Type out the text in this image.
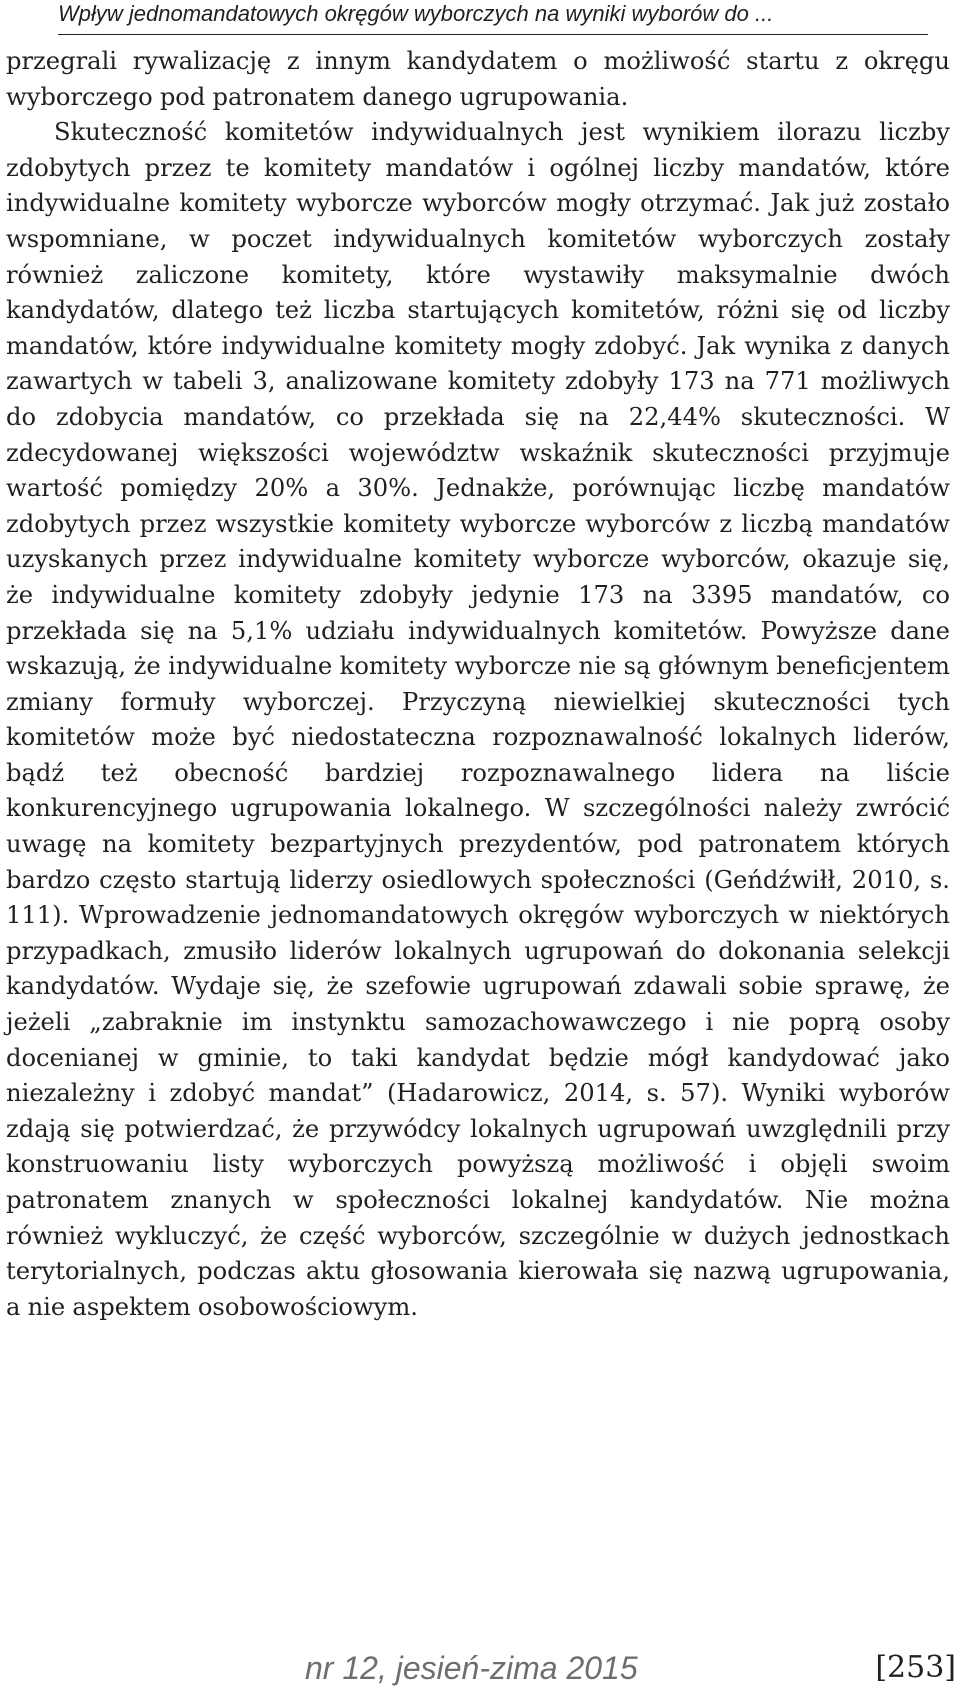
Wpływ jednomandatowych okręgów wyborczych na wyniki wyborów do ...

przegrali rywalizację z innym kandydatem o możliwość startu z okręgu wyborczego pod patronatem danego ugrupowania.

Skuteczność komitetów indywidualnych jest wynikiem ilorazu liczby zdobytych przez te komitety mandatów i ogólnej liczby mandatów, które indywidualne komitety wyborcze wyborców mogły otrzymać. Jak już zostało wspomniane, w poczet indywidualnych komitetów wyborczych zostały również zaliczone komitety, które wystawiły maksymalnie dwóch kandydatów, dlatego też liczba startujących komitetów, różni się od liczby mandatów, które indywidualne komitety mogły zdobyć. Jak wynika z danych zawartych w tabeli 3, analizowane komitety zdobyły 173 na 771 możliwych do zdobycia mandatów, co przekłada się na 22,44% skuteczności. W zdecydowanej większości województw wskaźnik skuteczności przyjmuje wartość pomiędzy 20% a 30%. Jednakże, porównując liczbę mandatów zdobytych przez wszystkie komitety wyborcze wyborców z liczbą mandatów uzyskanych przez indywidualne komitety wyborcze wyborców, okazuje się, że indywidualne komitety zdobyły jedynie 173 na 3395 mandatów, co przekłada się na 5,1% udziału indywidualnych komitetów. Powyższe dane wskazują, że indywidualne komitety wyborcze nie są głównym beneficjentem zmiany formuły wyborczej. Przyczyną niewielkiej skuteczności tych komitetów może być niedostateczna rozpoznawalność lokalnych liderów, bądź też obecność bardziej rozpoznawalnego lidera na liście konkurencyjnego ugrupowania lokalnego. W szczególności należy zwrócić uwagę na komitety bezpartyjnych prezydentów, pod patronatem których bardzo często startują liderzy osiedlowych społeczności (Geńdźwiłł, 2010, s. 111). Wprowadzenie jednomandatowych okręgów wyborczych w niektórych przypadkach, zmusiło liderów lokalnych ugrupowań do dokonania selekcji kandydatów. Wydaje się, że szefowie ugrupowań zdawali sobie sprawę, że jeżeli „zabraknie im instynktu samozachowawczego i nie poprą osoby docenianej w gminie, to taki kandydat będzie mógł kandydować jako niezależny i zdobyć mandat” (Hadarowicz, 2014, s. 57). Wyniki wyborów zdają się potwierdzać, że przywódcy lokalnych ugrupowań uwzględnili przy konstruowaniu listy wyborczych powyższą możliwość i objęli swoim patronatem znanych w społeczności lokalnej kandydatów. Nie można również wykluczyć, że część wyborców, szczególnie w dużych jednostkach terytorialnych, podczas aktu głosowania kierowała się nazwą ugrupowania, a nie aspektem osobowościowym.

nr 12, jesień-zima 2015	[253]
